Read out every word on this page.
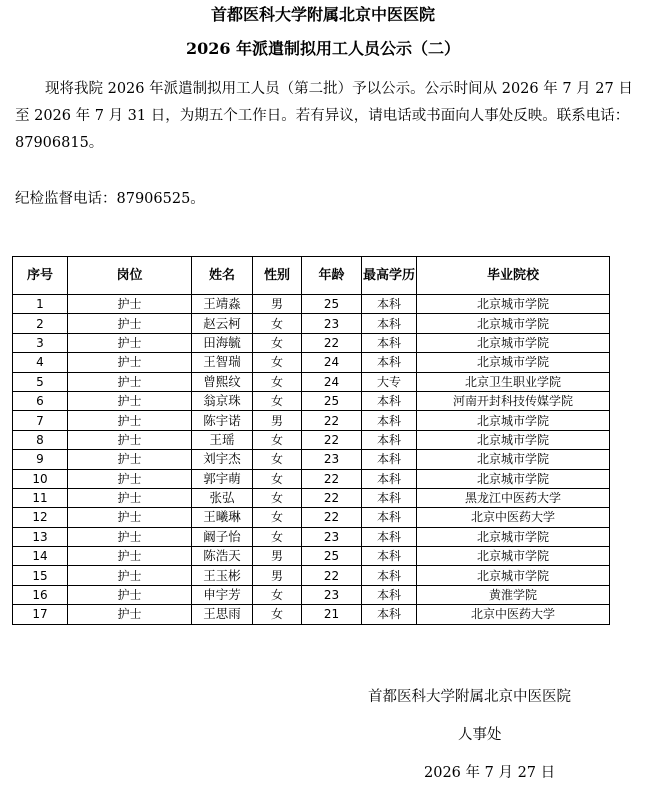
首都医科大学附属北京中医医院
2026 年派遣制拟用工人员公示（二）
现将我院 2026 年派遣制拟用工人员（第二批）予以公示。公示时间从 2026 年 7 月 27 日至 2026 年 7 月 31 日，为期五个工作日。若有异议，请电话或书面向人事处反映。联系电话：87906815。
纪检监督电话：87906525。
序号	岗位	姓名	性别	年龄	最高学历	毕业院校
1	护士	王靖淼	男	25	本科	北京城市学院
2	护士	赵云柯	女	23	本科	北京城市学院
3	护士	田海毓	女	22	本科	北京城市学院
4	护士	王智瑞	女	24	本科	北京城市学院
5	护士	曾熙纹	女	24	大专	北京卫生职业学院
6	护士	翁京珠	女	25	本科	河南开封科技传媒学院
7	护士	陈宇诺	男	22	本科	北京城市学院
8	护士	王瑶	女	22	本科	北京城市学院
9	护士	刘宇杰	女	23	本科	北京城市学院
10	护士	郭宇萌	女	22	本科	北京城市学院
11	护士	张弘	女	22	本科	黑龙江中医药大学
12	护士	王曦琳	女	22	本科	北京中医药大学
13	护士	阚子怡	女	23	本科	北京城市学院
14	护士	陈浩天	男	25	本科	北京城市学院
15	护士	王玉彬	男	22	本科	北京城市学院
16	护士	申宇芳	女	23	本科	黄淮学院
17	护士	王思雨	女	21	本科	北京中医药大学
首都医科大学附属北京中医医院
人事处
2026 年 7 月 27 日
